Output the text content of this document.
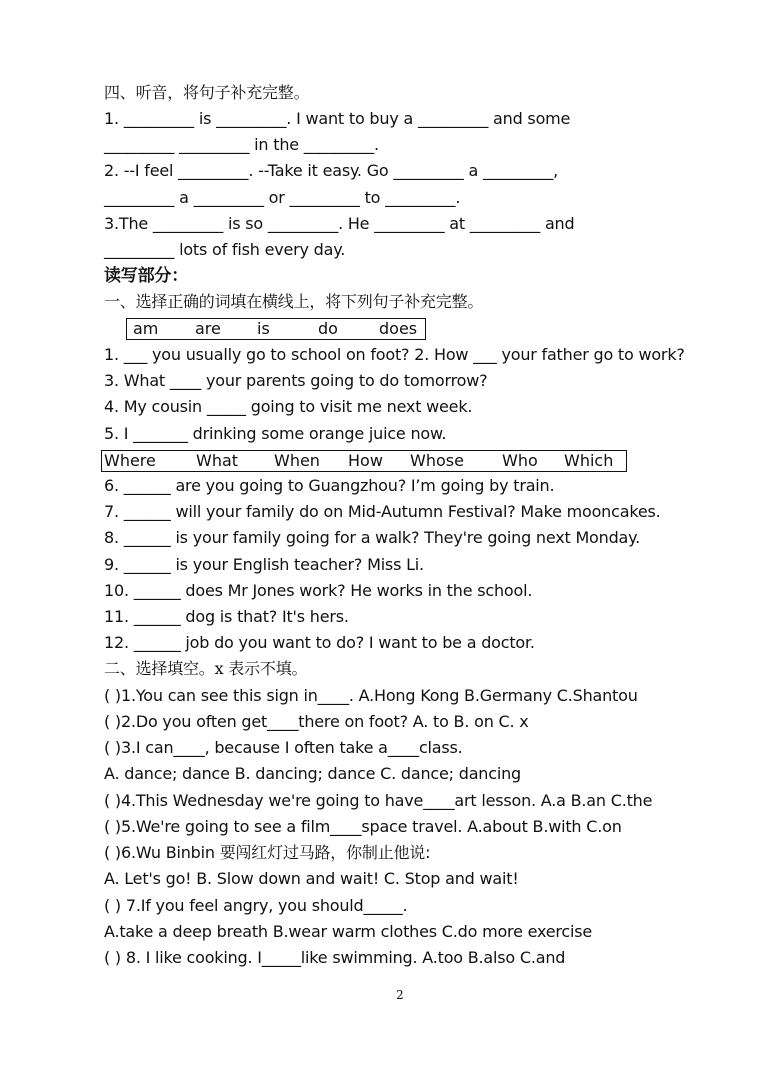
四、听音，将句子补充完整。
1. _________ is _________. I want to buy a _________ and some
_________ _________ in the _________.
2. --I feel _________. --Take it easy. Go _________ a _________,
_________ a _________ or _________ to _________.
3.The _________ is so _________. He _________ at _________ and
_________ lots of fish every day.
读写部分：
一、选择正确的词填在横线上，将下列句子补充完整。
am are is	do	does
1. ___ you usually go to school on foot? 2. How ___ your father go to work?
3. What ____ your parents going to do tomorrow?
4. My cousin _____ going to visit me next week.
5. I _______ drinking some orange juice now.
Where	What When How Whose Who Which
6. ______ are you going to Guangzhou? I’m going by train.
7. ______ will your family do on Mid-Autumn Festival? Make mooncakes.
8. ______ is your family going for a walk? They're going next Monday.
9. ______ is your English teacher? Miss Li.
10. ______ does Mr Jones work? He works in the school.
11. ______ dog is that? It's hers.
12. ______ job do you want to do? I want to be a doctor.
二、选择填空。x 表示不填。
( )1.You can see this sign in____. A.Hong Kong B.Germany C.Shantou
( )2.Do you often get____there on foot? A. to B. on C. x
( )3.I can____, because I often take a____class.
A. dance; dance B. dancing; dance C. dance; dancing
( )4.This Wednesday we're going to have____art lesson. A.a B.an C.the
( )5.We're going to see a film____space travel. A.about B.with C.on
( )6.Wu Binbin 要闯红灯过马路，你制止他说:
A. Let's go! B. Slow down and wait! C. Stop and wait!
( ) 7.If you feel angry, you should_____.
A.take a deep breath B.wear warm clothes C.do more exercise
( ) 8. I like cooking. I_____like swimming. A.too B.also C.and
2
